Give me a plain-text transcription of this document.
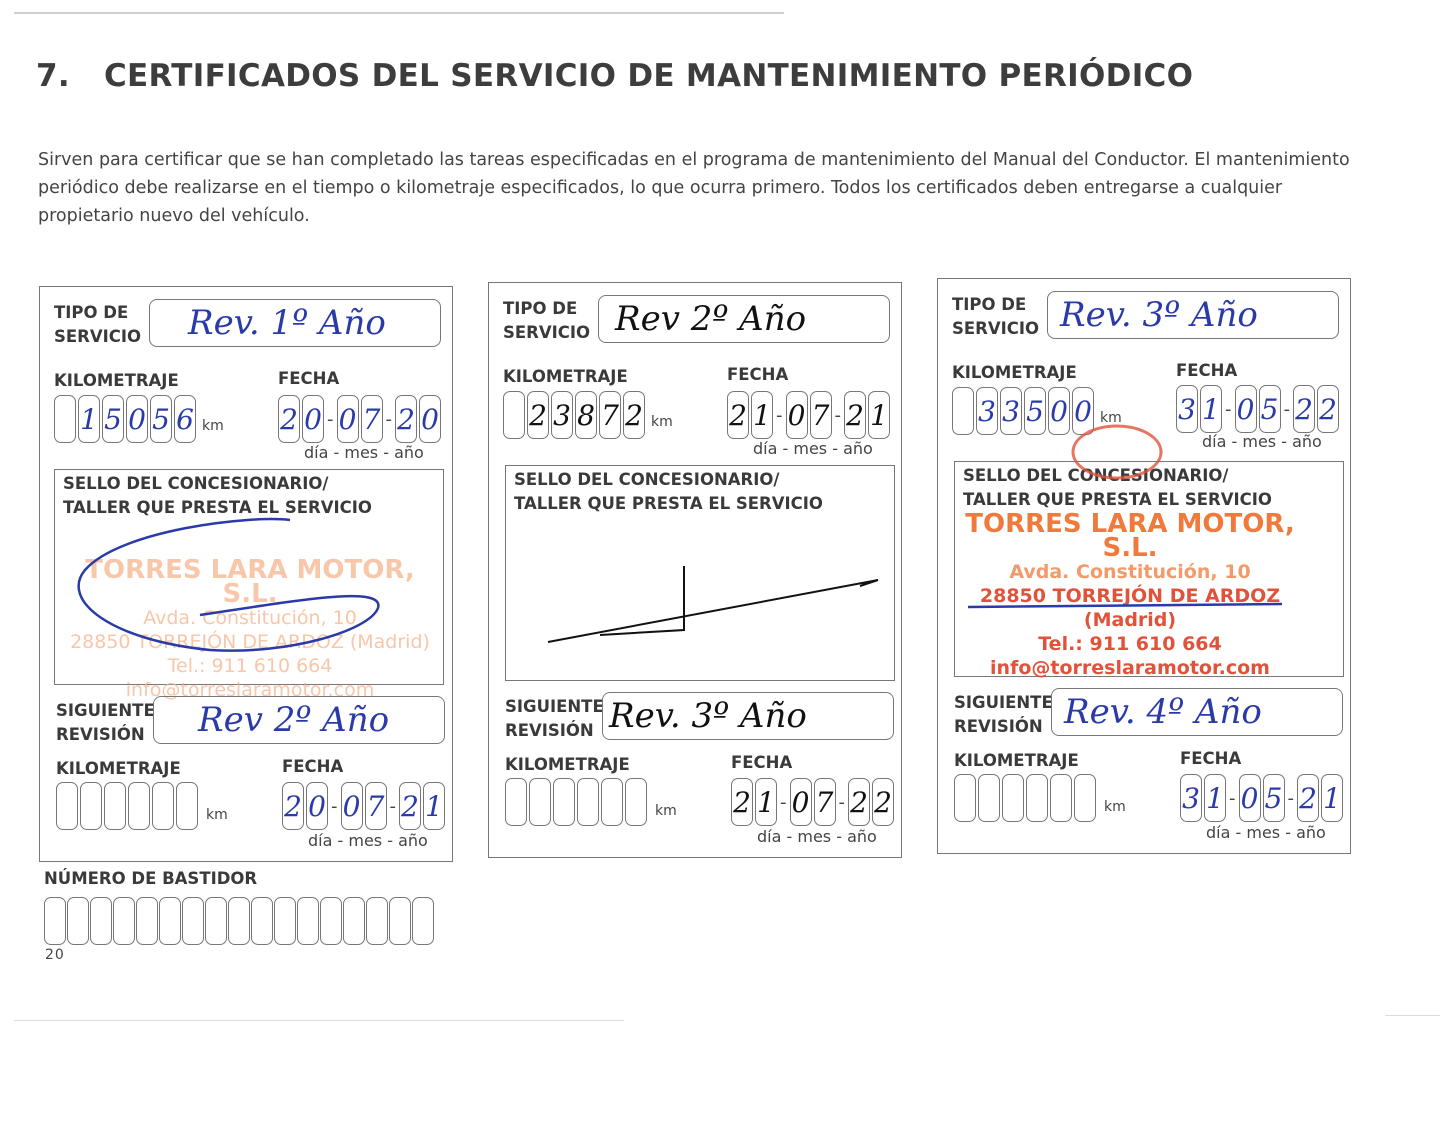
7. CERTIFICADOS DEL SERVICIO DE MANTENIMIENTO PERIÓDICO
Sirven para certificar que se han completado las tareas especificadas en el programa de mantenimiento del Manual del Conductor. El mantenimiento periódico debe realizarse en el tiempo o kilometraje especificados, lo que ocurra primero. Todos los certificados deben entregarse a cualquier propietario nuevo del vehículo.
TIPO DE
SERVICIO Rev. 1º Año
KILOMETRAJE	FECHA
1 5 0 5 6 km 2 0 - 0 7 - 2 0
día - mes - año
SELLO DEL CONCESIONARIO/
TALLER QUE PRESTA EL SERVICIO
TORRES LARA MOTOR, S.L.
Avda. Constitución, 10
28850 TORREJÓN DE ARDOZ (Madrid)
Tel.: 911 610 664
info@torreslaramotor.com
SIGUIENTE
REVISIÓN Rev 2º Año
KILOMETRAJE	FECHA
km 2 0 - 0 7 - 2 1
día - mes - año
TIPO DE
SERVICIO Rev 2º Año
KILOMETRAJE	FECHA
2 3 8 7 2 km 2 1 - 0 7 - 2 1
día - mes - año
SELLO DEL CONCESIONARIO/
TALLER QUE PRESTA EL SERVICIO
SIGUIENTE
REVISIÓN Rev. 3º Año
KILOMETRAJE	FECHA
km 2 1 - 0 7 - 2 2
día - mes - año
TIPO DE
SERVICIO Rev. 3º Año
KILOMETRAJE	FECHA
3 3 5 0 0 km 3 1 - 0 5 - 2 2
día - mes - año
SELLO DEL CONCESIONARIO/
TALLER QUE PRESTA EL SERVICIO
TORRES LARA MOTOR, S.L.
Avda. Constitución, 10
28850 TORREJÓN DE ARDOZ (Madrid)
Tel.: 911 610 664
info@torreslaramotor.com
SIGUIENTE
REVISIÓN Rev. 4º Año
KILOMETRAJE	FECHA
km 3 1 - 0 5 - 2 1
día - mes - año
NÚMERO DE BASTIDOR
20
